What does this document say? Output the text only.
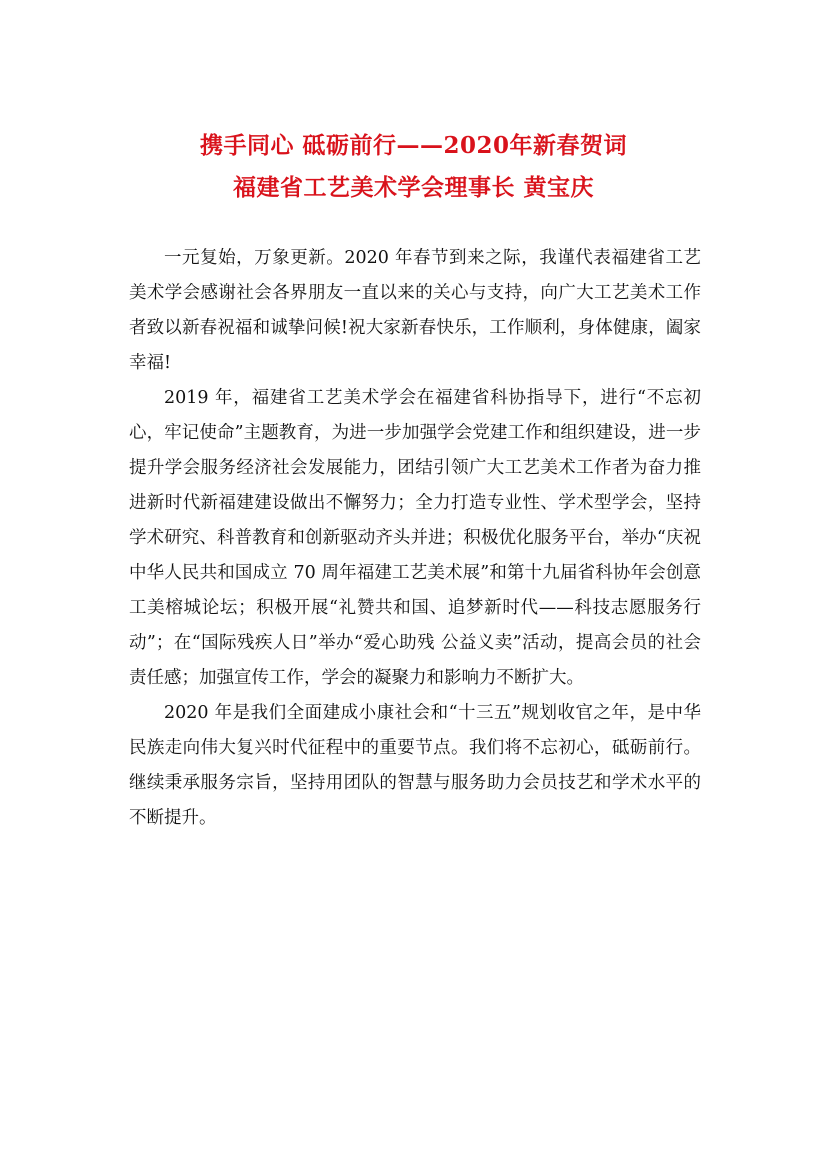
携手同心 砥砺前行——2020年新春贺词
福建省工艺美术学会理事长 黄宝庆

一元复始，万象更新。2020 年春节到来之际，我谨代表福建省工艺美术学会感谢社会各界朋友一直以来的关心与支持，向广大工艺美术工作者致以新春祝福和诚挚问候!祝大家新春快乐，工作顺利，身体健康，阖家幸福!

2019 年，福建省工艺美术学会在福建省科协指导下，进行“不忘初心，牢记使命”主题教育，为进一步加强学会党建工作和组织建设，进一步提升学会服务经济社会发展能力，团结引领广大工艺美术工作者为奋力推进新时代新福建建设做出不懈努力；全力打造专业性、学术型学会，坚持学术研究、科普教育和创新驱动齐头并进；积极优化服务平台，举办“庆祝中华人民共和国成立 70 周年福建工艺美术展”和第十九届省科协年会创意工美榕城论坛；积极开展“礼赞共和国、追梦新时代——科技志愿服务行动”；在“国际残疾人日”举办“爱心助残 公益义卖”活动，提高会员的社会责任感；加强宣传工作，学会的凝聚力和影响力不断扩大。

2020 年是我们全面建成小康社会和“十三五”规划收官之年，是中华民族走向伟大复兴时代征程中的重要节点。我们将不忘初心，砥砺前行。继续秉承服务宗旨，坚持用团队的智慧与服务助力会员技艺和学术水平的不断提升。
